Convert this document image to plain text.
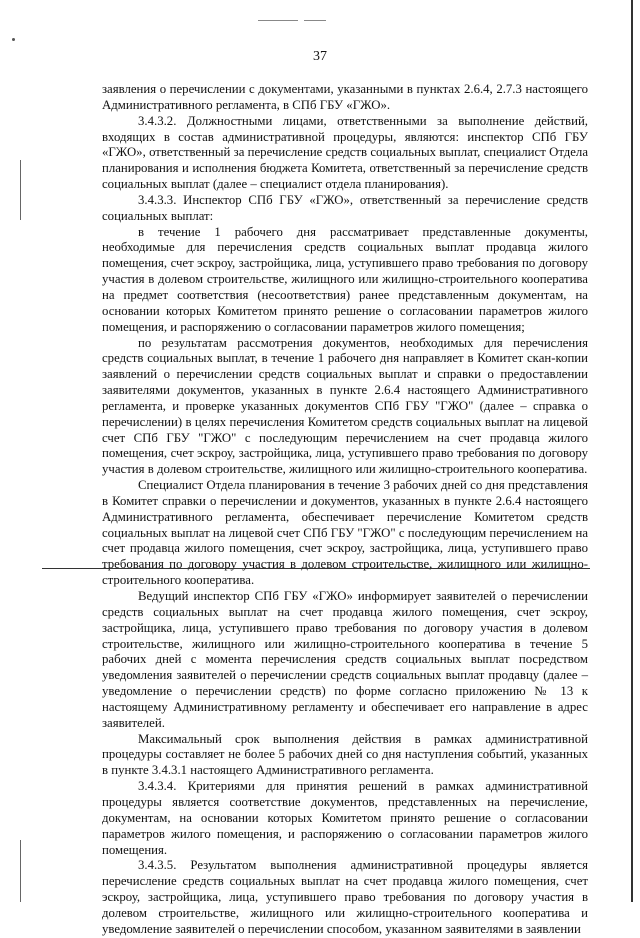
37

заявления о перечислении с документами, указанными в пунктах 2.6.4, 2.7.3 настоящего Административного регламента, в СПб ГБУ «ГЖО».

3.4.3.2. Должностными лицами, ответственными за выполнение действий, входящих в состав административной процедуры, являются: инспектор СПб ГБУ «ГЖО», ответственный за перечисление средств социальных выплат, специалист Отдела планирования и исполнения бюджета Комитета, ответственный за перечисление средств социальных выплат (далее – специалист отдела планирования).

3.4.3.3. Инспектор СПб ГБУ «ГЖО», ответственный за перечисление средств социальных выплат:

в течение 1 рабочего дня рассматривает представленные документы, необходимые для перечисления средств социальных выплат продавца жилого помещения, счет эскроу, застройщика, лица, уступившего право требования по договору участия в долевом строительстве, жилищного или жилищно-строительного кооператива на предмет соответствия (несоответствия) ранее представленным документам, на основании которых Комитетом принято решение о согласовании параметров жилого помещения, и распоряжению о согласовании параметров жилого помещения;

по результатам рассмотрения документов, необходимых для перечисления средств социальных выплат, в течение 1 рабочего дня направляет в Комитет скан-копии заявлений о перечислении средств социальных выплат и справки о предоставлении заявителями документов, указанных в пункте 2.6.4 настоящего Административного регламента, и проверке указанных документов СПб ГБУ "ГЖО" (далее – справка о перечислении) в целях перечисления Комитетом средств социальных выплат на лицевой счет СПб ГБУ "ГЖО" с последующим перечислением на счет продавца жилого помещения, счет эскроу, застройщика, лица, уступившего право требования по договору участия в долевом строительстве, жилищного или жилищно-строительного кооператива.

Специалист Отдела планирования в течение 3 рабочих дней со дня представления в Комитет справки о перечислении и документов, указанных в пункте 2.6.4 настоящего Административного регламента, обеспечивает перечисление Комитетом средств социальных выплат на лицевой счет СПб ГБУ "ГЖО" с последующим перечислением на счет продавца жилого помещения, счет эскроу, застройщика, лица, уступившего право требования по договору участия в долевом строительстве, жилищного или жилищно-строительного кооператива.

Ведущий инспектор СПб ГБУ «ГЖО» информирует заявителей о перечислении средств социальных выплат на счет продавца жилого помещения, счет эскроу, застройщика, лица, уступившего право требования по договору участия в долевом строительстве, жилищного или жилищно-строительного кооператива в течение 5 рабочих дней с момента перечисления средств социальных выплат посредством уведомления заявителей о перечислении средств социальных выплат продавцу (далее – уведомление о перечислении средств) по форме согласно приложению № 13 к настоящему Административному регламенту и обеспечивает его направление в адрес заявителей.

Максимальный срок выполнения действия в рамках административной процедуры составляет не более 5 рабочих дней со дня наступления событий, указанных в пункте 3.4.3.1 настоящего Административного регламента.

3.4.3.4. Критериями для принятия решений в рамках административной процедуры является соответствие документов, представленных на перечисление, документам, на основании которых Комитетом принято решение о согласовании параметров жилого помещения, и распоряжению о согласовании параметров жилого помещения.

3.4.3.5. Результатом выполнения административной процедуры является перечисление средств социальных выплат на счет продавца жилого помещения, счет эскроу, застройщика, лица, уступившего право требования по договору участия в долевом строительстве, жилищного или жилищно-строительного кооператива и уведомление заявителей о перечислении способом, указанном заявителями в заявлении
